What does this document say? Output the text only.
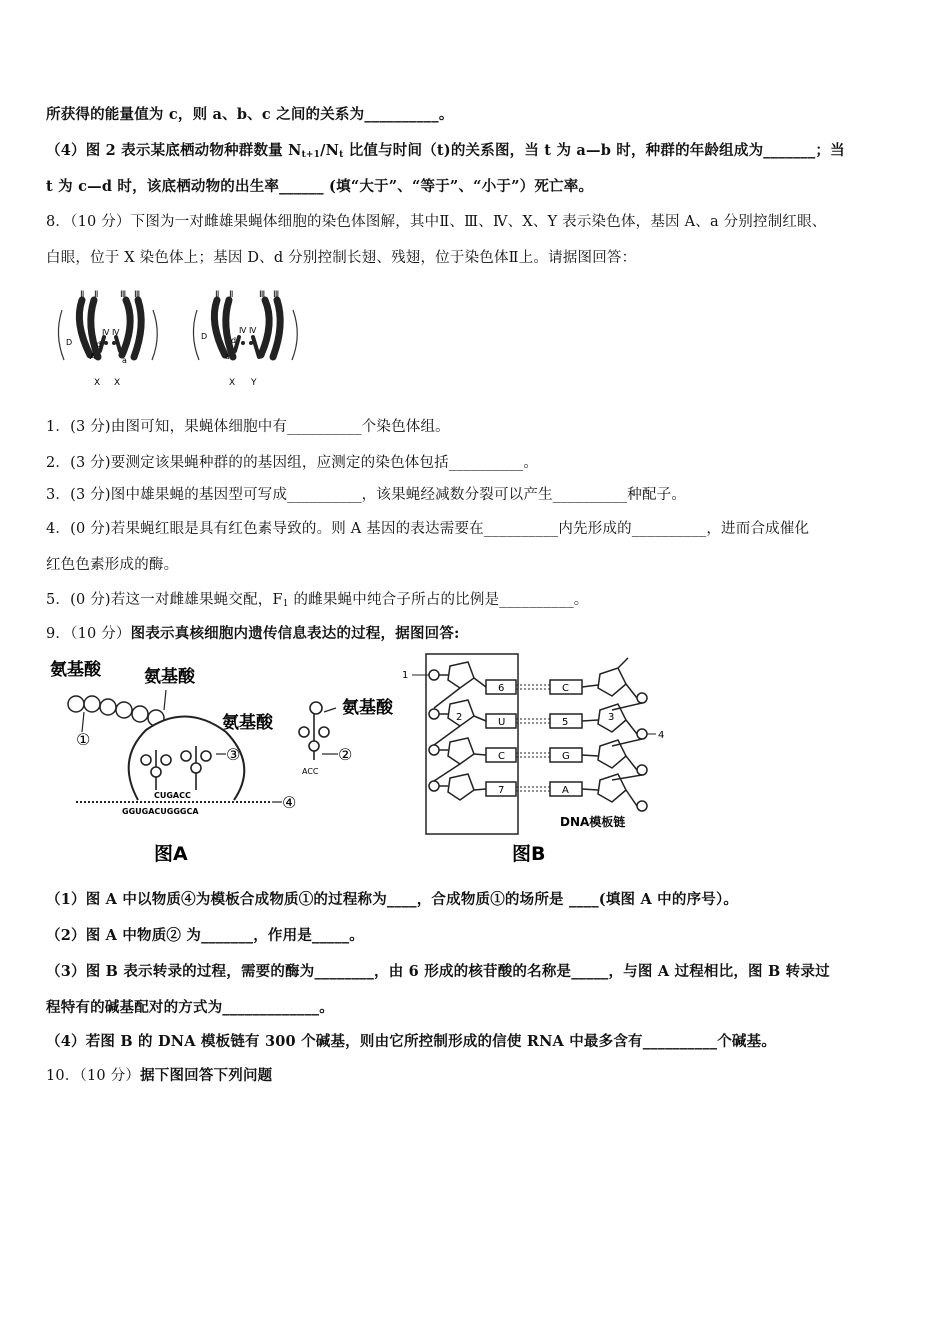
所获得的能量值为 c，则 a、b、c 之间的关系为__________。
（4）图 2 表示某底栖动物种群数量 $N_{t+1}/N_t$ 比值与时间（t)的关系图，当 t 为 a—b 时，种群的年龄组成为_______；当
t 为 c—d 时，该底栖动物的出生率______ (填“大于”、“等于”、“小于”）死亡率。
8．（10 分）下图为一对雌雄果蝇体细胞的染色体图解，其中Ⅱ、Ⅲ、Ⅳ、X、Y 表示染色体，基因 A、a 分别控制红眼、
白眼，位于 X 染色体上；基因 D、d 分别控制长翅、残翅，位于染色体Ⅱ上。请据图回答：
Ⅱ Ⅱ Ⅲ Ⅲ
Ⅳ Ⅳ
D	d
A	a
X X
Ⅱ Ⅱ	Ⅲ Ⅲ
Ⅳ Ⅳ
D	d
a
X Y
1．(3 分)由图可知，果蝇体细胞中有__________个染色体组。
2．(3 分)要测定该果蝇种群的的基因组，应测定的染色体包括__________。
3．(3 分)图中雄果蝇的基因型可写成__________，该果蝇经减数分裂可以产生__________种配子。
4．(0 分)若果蝇红眼是具有红色素导致的。则 A 基因的表达需要在__________内先形成的__________，进而合成催化
红色色素形成的酶。
5．(0 分)若这一对雌雄果蝇交配，$F_1$ 的雌果蝇中纯合子所占的比例是__________。
9．（10 分）图表示真核细胞内遗传信息表达的过程，据图回答:
氨基酸	氨基酸
氨基酸
氨基酸
①
③
CUGACC
GGUGACUGGGCA	④
②
ACC
图A
1
2
6
U
C
7
C
5
G
A
3
4
DNA模板链
图B
（1）图 A 中以物质④为模板合成物质①的过程称为____，合成物质①的场所是 ____(填图 A 中的序号）。
（2）图 A 中物质② 为_______，作用是_____。
（3）图 B 表示转录的过程，需要的酶为________，由 6 形成的核苷酸的名称是_____，与图 A 过程相比，图 B 转录过
程特有的碱基配对的方式为_____________。
（4）若图 B 的 DNA 模板链有 300 个碱基，则由它所控制形成的信使 RNA 中最多含有__________个碱基。
10．（10 分）据下图回答下列问题
